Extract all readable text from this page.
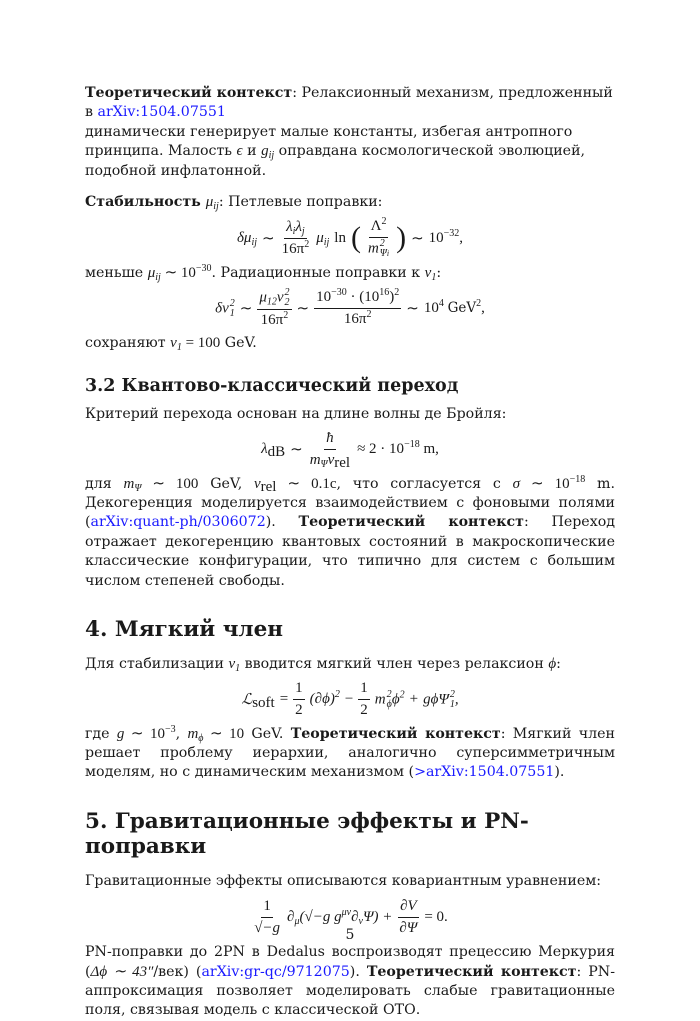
Теоретический контекст: Релаксионный механизм, предложенный в arXiv:1504.07551
динамически генерирует малые константы, избегая антропного принципа. Малость ϵ и $g_{ij}$ оправдана космологической эволюцией, подобной инфлатонной.

Стабильность $\mu_{ij}$: Петлевые поправки:

$\delta\mu_{ij}$ ∼ $\frac{\lambda_i\lambda_j}{16\pi^2} \mu_{ij}$ ln ( $\Lambda^2$
m 2
Ψi ) ∼ $10^{-32}$,

меньше $\mu_{ij}$ ∼ $10^{-30}$. Радиационные поправки к $v_1$:

δv 2
1 ∼ $\mu_{12}v$ 2
2
$16\pi^2$ ∼ $\frac{10^{-30} \cdot (10^{16})^2}{16\pi^2}$ ∼ $10^4$ GeV$^2$,

сохраняют $v_1 = 100$ GeV.

3.2 Квантово-классический переход

Критерий перехода основан на длине волны де Бройля:

$\lambda_{dB}$ ∼ $\frac{ħ}{m_\Psi v_{rel}} \approx 2 \cdot 10^{-18}$ m,

для $m_\Psi$ ∼ 100 GeV, $v_{rel}$ ∼ 0.1c, что согласуется с σ ∼ $10^{-18}$ m. Декогеренция моделируется взаимодействием с фоновыми полями (arXiv:quant-ph/0306072). Теоретический контекст: Переход отражает декогеренцию квантовых состояний в макроскопические классические конфигурации, что типично для систем с большим числом степеней свободы.

4. Мягкий член

Для стабилизации $v_1$ вводится мягкий член через релаксион ϕ:

ℒ$_{soft}$ = $\frac{1}{2} (\partial\phi)^2 - \frac{1}{2}$ m 2
ϕ $\phi^2 + g\phi\Psi$ 2
1 ,

где g ∼ $10^{-3}$, $m_\phi$ ∼ 10 GeV. Теоретический контекст: Мягкий член решает проблему иерархии, аналогично суперсимметричным моделям, но с динамическим механизмом (>arXiv:1504.07551).

5. Гравитационные эффекты и PN-поправки

Гравитационные эффекты описываются ковариантным уравнением:

$\frac{1}{√-g} \partial_\mu(√-g$ $g^{\mu\nu}\partial_\nu\Psi) + \frac{\partial V}{\partial\Psi} = 0$.

PN-поправки до 2PN в Dedalus воспроизводят прецессию Меркурия (Δϕ ∼ 43″/век) (arXiv:gr-qc/9712075). Теоретический контекст: PN-аппроксимация позволяет моделировать слабые гравитационные поля, связывая модель с классической ОТО.

5
